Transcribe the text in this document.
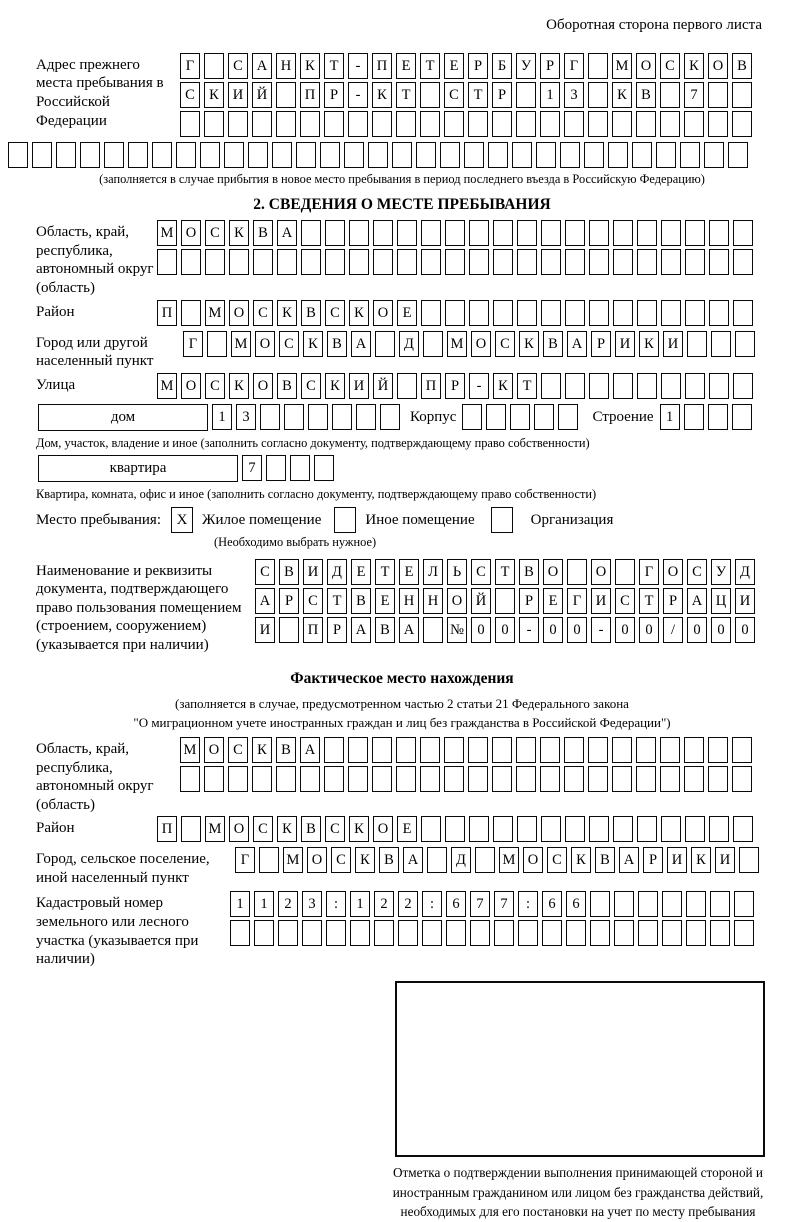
Оборотная сторона первого листа
Адрес прежнего места пребывания в Российской Федерации
Г	С А Н К	Т	-	П Е	Т	Е	Р	Б	У	Р	Г	М О С К О В
С К И Й	П	Р	-	К	Т	С	Т	Р	1	3	К В	7
(заполняется в случае прибытия в новое место пребывания в период последнего въезда в Российскую Федерацию)
2. СВЕДЕНИЯ О МЕСТЕ ПРЕБЫВАНИЯ
Область, край, республика, автономный округ (область)
М О С К В А
Район	П	М О С К В С К О Е
Город или другой населенный пункт
Г	М О С К В А	Д	М О С К В А	Р	И К И
Улица	М О С К О В С К И Й	П	Р	-	К	Т
дом	1	3	Корпус	Строение 1
Дом, участок, владение и иное (заполнить согласно документу, подтверждающему право собственности)
квартира	7
Квартира, комната, офис и иное (заполнить согласно документу, подтверждающему право собственности)
Место пребывания:	X Жилое помещение	Иное помещение	Организация
(Необходимо выбрать нужное)
Наименование и реквизиты документа, подтверждающего право пользования помещением (строением, сооружением) (указывается при наличии)
С В И Д	Е	Т	Е	Л	Ь	С	Т	В О	О	Г	О С У Д
А	Р	С	Т	В	Е Н Н О Й	Р	Е	Г	И С	Т	Р	А Ц И
И	П	Р	А В А	№ 0	0	-	0	0	-	0	0	/	0	0	0
Фактическое место нахождения
(заполняется в случае, предусмотренном частью 2 статьи 21 Федерального закона
"О миграционном учете иностранных граждан и лиц без гражданства в Российской Федерации")
Область, край, республика, автономный округ (область)
М О С К В А
Район	П	М О С К В С К О Е
Город, сельское поселение, иной населенный пункт
Г	М О С К В А	Д	М О С К В А	Р	И К И
Кадастровый номер земельного или лесного участка (указывается при наличии)
1	1	2	3	:	1	2	2	:	6	7	7	:	6	6
Отметка о подтверждении выполнения принимающей стороной и иностранным гражданином или лицом без гражданства действий, необходимых для его постановки на учет по месту пребывания
